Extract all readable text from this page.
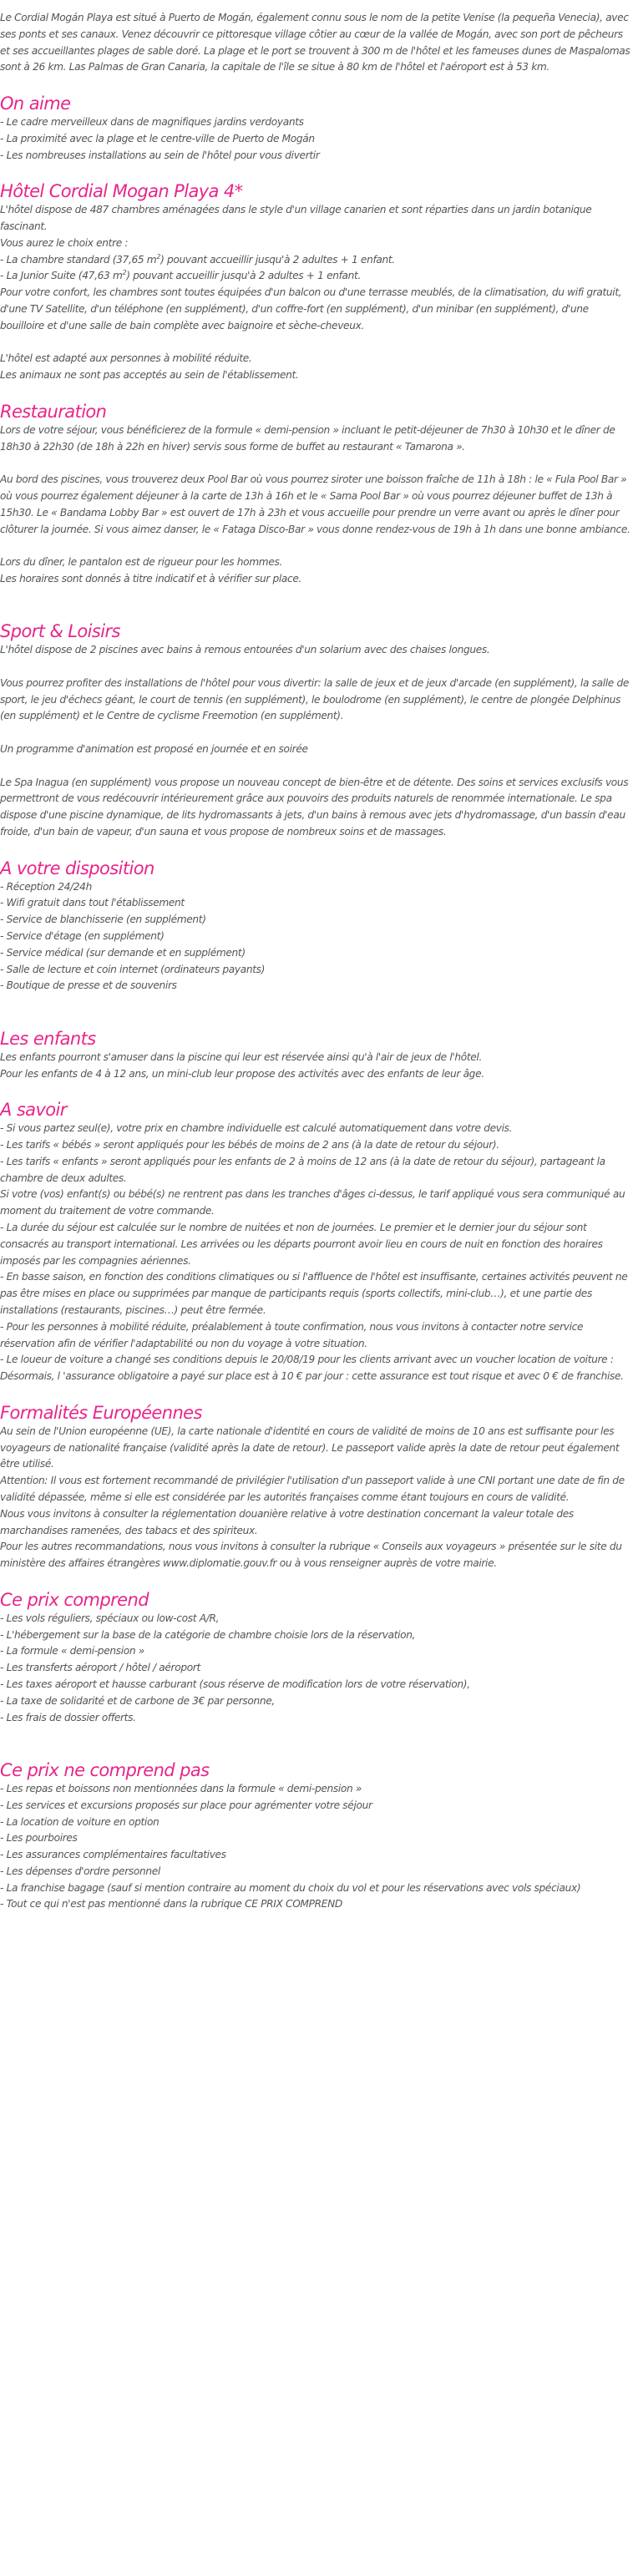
Le Cordial Mogán Playa est situé à Puerto de Mogán, également connu sous le nom de la petite Venise (la pequeña Venecia), avec ses ponts et ses canaux. Venez découvrir ce pittoresque village côtier au cœur de la vallée de Mogán, avec son port de pêcheurs et ses accueillantes plages de sable doré. La plage et le port se trouvent à 300 m de l'hôtel et les fameuses dunes de Maspalomas sont à 26 km. Las Palmas de Gran Canaria, la capitale de l'île se situe à 80 km de l'hôtel et l'aéroport est à 53 km.

On aime
- Le cadre merveilleux dans de magnifiques jardins verdoyants
- La proximité avec la plage et le centre-ville de Puerto de Mogán
- Les nombreuses installations au sein de l'hôtel pour vous divertir
Hôtel Cordial Mogan Playa 4*

L'hôtel dispose de 487 chambres aménagées dans le style d'un village canarien et sont réparties dans un jardin botanique fascinant.

Vous aurez le choix entre :

- La chambre standard (37,65 $m^2$) pouvant accueillir jusqu'à 2 adultes + 1 enfant.

- La Junior Suite (47,63 $m^2$) pouvant accueillir jusqu'à 2 adultes + 1 enfant.

Pour votre confort, les chambres sont toutes équipées d'un balcon ou d'une terrasse meublés, de la climatisation, du wifi gratuit, d'une TV Satellite, d'un téléphone (en supplément), d'un coffre-fort (en supplément), d'un minibar (en supplément), d'une bouilloire et d'une salle de bain complète avec baignoire et sèche-cheveux.

L'hôtel est adapté aux personnes à mobilité réduite.

Les animaux ne sont pas acceptés au sein de l'établissement.

Restauration

Lors de votre séjour, vous bénéficierez de la formule « demi-pension » incluant le petit-déjeuner de 7h30 à 10h30 et le dîner de 18h30 à 22h30 (de 18h à 22h en hiver) servis sous forme de buffet au restaurant « Tamarona ».

Au bord des piscines, vous trouverez deux Pool Bar où vous pourrez siroter une boisson fraîche de 11h à 18h : le « Fula Pool Bar » où vous pourrez également déjeuner à la carte de 13h à 16h et le « Sama Pool Bar » où vous pourrez déjeuner buffet de 13h à 15h30. Le « Bandama Lobby Bar » est ouvert de 17h à 23h et vous accueille pour prendre un verre avant ou après le dîner pour clôturer la journée. Si vous aimez danser, le « Fataga Disco-Bar » vous donne rendez-vous de 19h à 1h dans une bonne ambiance.

Lors du dîner, le pantalon est de rigueur pour les hommes.

Les horaires sont donnés à titre indicatif et à vérifier sur place.

Sport & Loisirs

L'hôtel dispose de 2 piscines avec bains à remous entourées d'un solarium avec des chaises longues.

Vous pourrez profiter des installations de l'hôtel pour vous divertir: la salle de jeux et de jeux d'arcade (en supplément), la salle de sport, le jeu d'échecs géant, le court de tennis (en supplément), le boulodrome (en supplément), le centre de plongée Delphinus (en supplément) et le Centre de cyclisme Freemotion (en supplément).

Un programme d'animation est proposé en journée et en soirée

Le Spa Inagua (en supplément) vous propose un nouveau concept de bien-être et de détente. Des soins et services exclusifs vous permettront de vous redécouvrir intérieurement grâce aux pouvoirs des produits naturels de renommée internationale. Le spa dispose d'une piscine dynamique, de lits hydromassants à jets, d'un bains à remous avec jets d'hydromassage, d'un bassin d'eau froide, d'un bain de vapeur, d'un sauna et vous propose de nombreux soins et de massages.

A votre disposition
- Réception 24/24h
- Wifi gratuit dans tout l'établissement
- Service de blanchisserie (en supplément)
- Service d'étage (en supplément)
- Service médical (sur demande et en supplément)
- Salle de lecture et coin internet (ordinateurs payants)
- Boutique de presse et de souvenirs
Les enfants

Les enfants pourront s'amuser dans la piscine qui leur est réservée ainsi qu'à l'air de jeux de l'hôtel.

Pour les enfants de 4 à 12 ans, un mini-club leur propose des activités avec des enfants de leur âge.

A savoir
- Si vous partez seul(e), votre prix en chambre individuelle est calculé automatiquement dans votre devis.
- Les tarifs « bébés » seront appliqués pour les bébés de moins de 2 ans (à la date de retour du séjour).
- Les tarifs « enfants » seront appliqués pour les enfants de 2 à moins de 12 ans (à la date de retour du séjour), partageant la chambre de deux adultes.
Si votre (vos) enfant(s) ou bébé(s) ne rentrent pas dans les tranches d'âges ci-dessus, le tarif appliqué vous sera communiqué au moment du traitement de votre commande.
- La durée du séjour est calculée sur le nombre de nuitées et non de journées. Le premier et le dernier jour du séjour sont consacrés au transport international. Les arrivées ou les départs pourront avoir lieu en cours de nuit en fonction des horaires imposés par les compagnies aériennes.
- En basse saison, en fonction des conditions climatiques ou si l'affluence de l'hôtel est insuffisante, certaines activités peuvent ne pas être mises en place ou supprimées par manque de participants requis (sports collectifs, mini-club…), et une partie des installations (restaurants, piscines…) peut être fermée.
- Pour les personnes à mobilité réduite, préalablement à toute confirmation, nous vous invitons à contacter notre service réservation afin de vérifier l'adaptabilité ou non du voyage à votre situation.
- Le loueur de voiture a changé ses conditions depuis le 20/08/19 pour les clients arrivant avec un voucher location de voiture : Désormais, l 'assurance obligatoire a payé sur place est à 10 € par jour : cette assurance est tout risque et avec 0 € de franchise.
Formalités Européennes

Au sein de l'Union européenne (UE), la carte nationale d'identité en cours de validité de moins de 10 ans est suffisante pour les voyageurs de nationalité française (validité après la date de retour). Le passeport valide après la date de retour peut également être utilisé.

Attention: Il vous est fortement recommandé de privilégier l'utilisation d'un passeport valide à une CNI portant une date de fin de validité dépassée, même si elle est considérée par les autorités françaises comme étant toujours en cours de validité.

Nous vous invitons à consulter la réglementation douanière relative à votre destination concernant la valeur totale des marchandises ramenées, des tabacs et des spiriteux.

Pour les autres recommandations, nous vous invitons à consulter la rubrique « Conseils aux voyageurs » présentée sur le site du ministère des affaires étrangères www.diplomatie.gouv.fr ou à vous renseigner auprès de votre mairie.

Ce prix comprend
- Les vols réguliers, spéciaux ou low-cost A/R,
- L'hébergement sur la base de la catégorie de chambre choisie lors de la réservation,
- La formule « demi-pension »
- Les transferts aéroport / hôtel / aéroport
- Les taxes aéroport et hausse carburant (sous réserve de modification lors de votre réservation),
- La taxe de solidarité et de carbone de 3€ par personne,
- Les frais de dossier offerts.
Ce prix ne comprend pas
- Les repas et boissons non mentionnées dans la formule « demi-pension »
- Les services et excursions proposés sur place pour agrémenter votre séjour
- La location de voiture en option
- Les pourboires
- Les assurances complémentaires facultatives
- Les dépenses d'ordre personnel
- La franchise bagage (sauf si mention contraire au moment du choix du vol et pour les réservations avec vols spéciaux)
- Tout ce qui n'est pas mentionné dans la rubrique CE PRIX COMPREND
